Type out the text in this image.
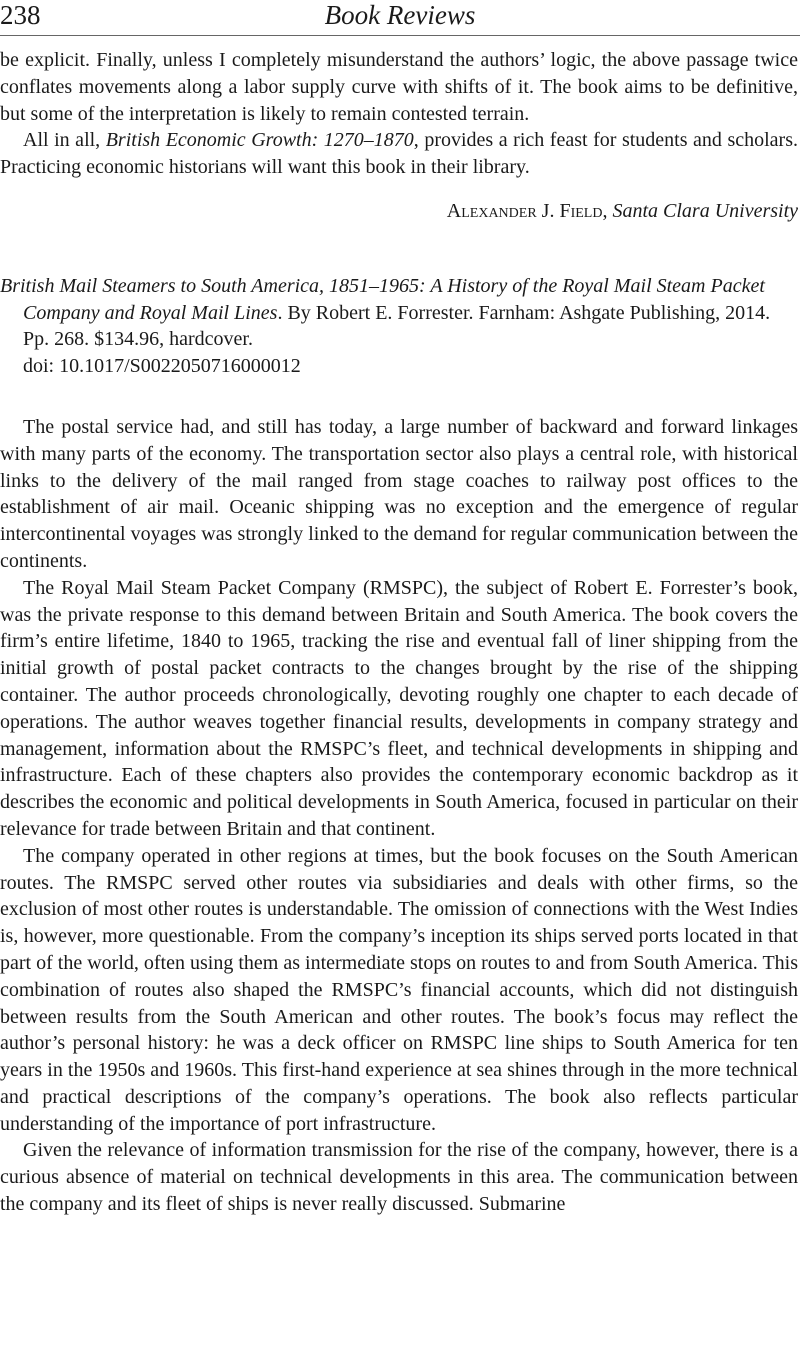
238	Book Reviews

be explicit. Finally, unless I completely misunderstand the authors’ logic, the above passage twice conflates movements along a labor supply curve with shifts of it. The book aims to be definitive, but some of the interpretation is likely to remain contested terrain.

All in all, British Economic Growth: 1270–1870, provides a rich feast for students and scholars. Practicing economic historians will want this book in their library.

Alexander J. Field, Santa Clara University

British Mail Steamers to South America, 1851–1965: A History of the Royal Mail Steam Packet Company and Royal Mail Lines. By Robert E. Forrester. Farnham: Ashgate Publishing, 2014. Pp. 268. $134.96, hardcover.
doi: 10.1017/S0022050716000012

The postal service had, and still has today, a large number of backward and forward linkages with many parts of the economy. The transportation sector also plays a central role, with historical links to the delivery of the mail ranged from stage coaches to railway post offices to the establishment of air mail. Oceanic shipping was no exception and the emergence of regular intercontinental voyages was strongly linked to the demand for regular communication between the continents.

The Royal Mail Steam Packet Company (RMSPC), the subject of Robert E. Forrester’s book, was the private response to this demand between Britain and South America. The book covers the firm’s entire lifetime, 1840 to 1965, tracking the rise and eventual fall of liner shipping from the initial growth of postal packet contracts to the changes brought by the rise of the shipping container. The author proceeds chronologically, devoting roughly one chapter to each decade of operations. The author weaves together financial results, developments in company strategy and management, information about the RMSPC’s fleet, and technical developments in shipping and infrastructure. Each of these chapters also provides the contemporary economic backdrop as it describes the economic and political developments in South America, focused in particular on their relevance for trade between Britain and that continent.

The company operated in other regions at times, but the book focuses on the South American routes. The RMSPC served other routes via subsidiaries and deals with other firms, so the exclusion of most other routes is understandable. The omission of connections with the West Indies is, however, more questionable. From the company’s inception its ships served ports located in that part of the world, often using them as intermediate stops on routes to and from South America. This combination of routes also shaped the RMSPC’s financial accounts, which did not distinguish between results from the South American and other routes. The book’s focus may reflect the author’s personal history: he was a deck officer on RMSPC line ships to South America for ten years in the 1950s and 1960s. This first-hand experience at sea shines through in the more technical and practical descriptions of the company’s operations. The book also reflects particular understanding of the importance of port infrastructure.

Given the relevance of information transmission for the rise of the company, however, there is a curious absence of material on technical developments in this area. The communication between the company and its fleet of ships is never really discussed. Submarine
